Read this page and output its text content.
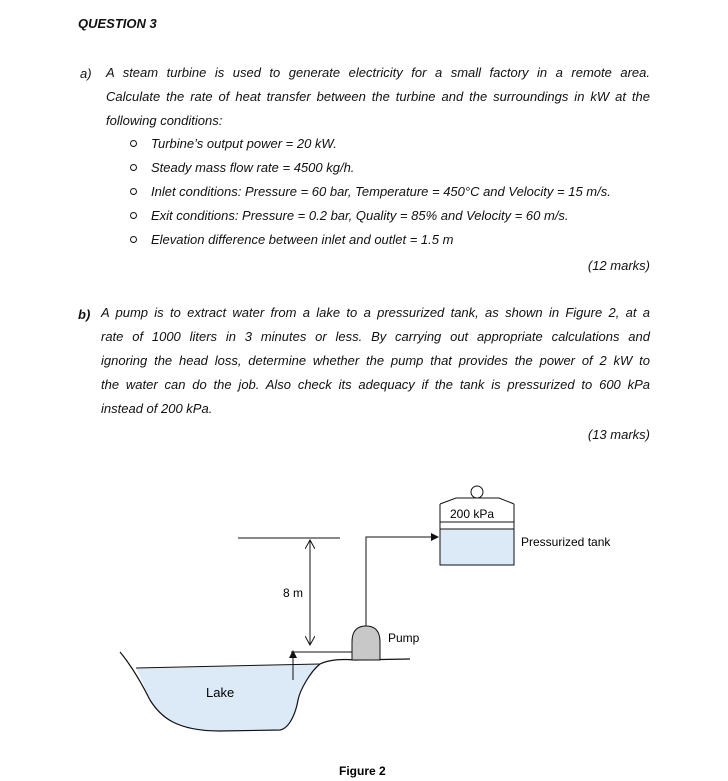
QUESTION 3
a) A steam turbine is used to generate electricity for a small factory in a remote area.
Calculate the rate of heat transfer between the turbine and the surroundings in kW at the
following conditions:
Turbine’s output power = 20 kW.
Steady mass flow rate = 4500 kg/h.
Inlet conditions: Pressure = 60 bar, Temperature = 450°C and Velocity = 15 m/s.
Exit conditions: Pressure = 0.2 bar, Quality = 85% and Velocity = 60 m/s.
Elevation difference between inlet and outlet = 1.5 m
(12 marks)
b) A pump is to extract water from a lake to a pressurized tank, as shown in Figure 2, at a
rate of 1000 liters in 3 minutes or less. By carrying out appropriate calculations and
ignoring the head loss, determine whether the pump that provides the power of 2 kW to
the water can do the job. Also check its adequacy if the tank is pressurized to 600 kPa
instead of 200 kPa.
(13 marks)
200 kPa
Pressurized tank
8 m
Pump
Lake
Figure 2
